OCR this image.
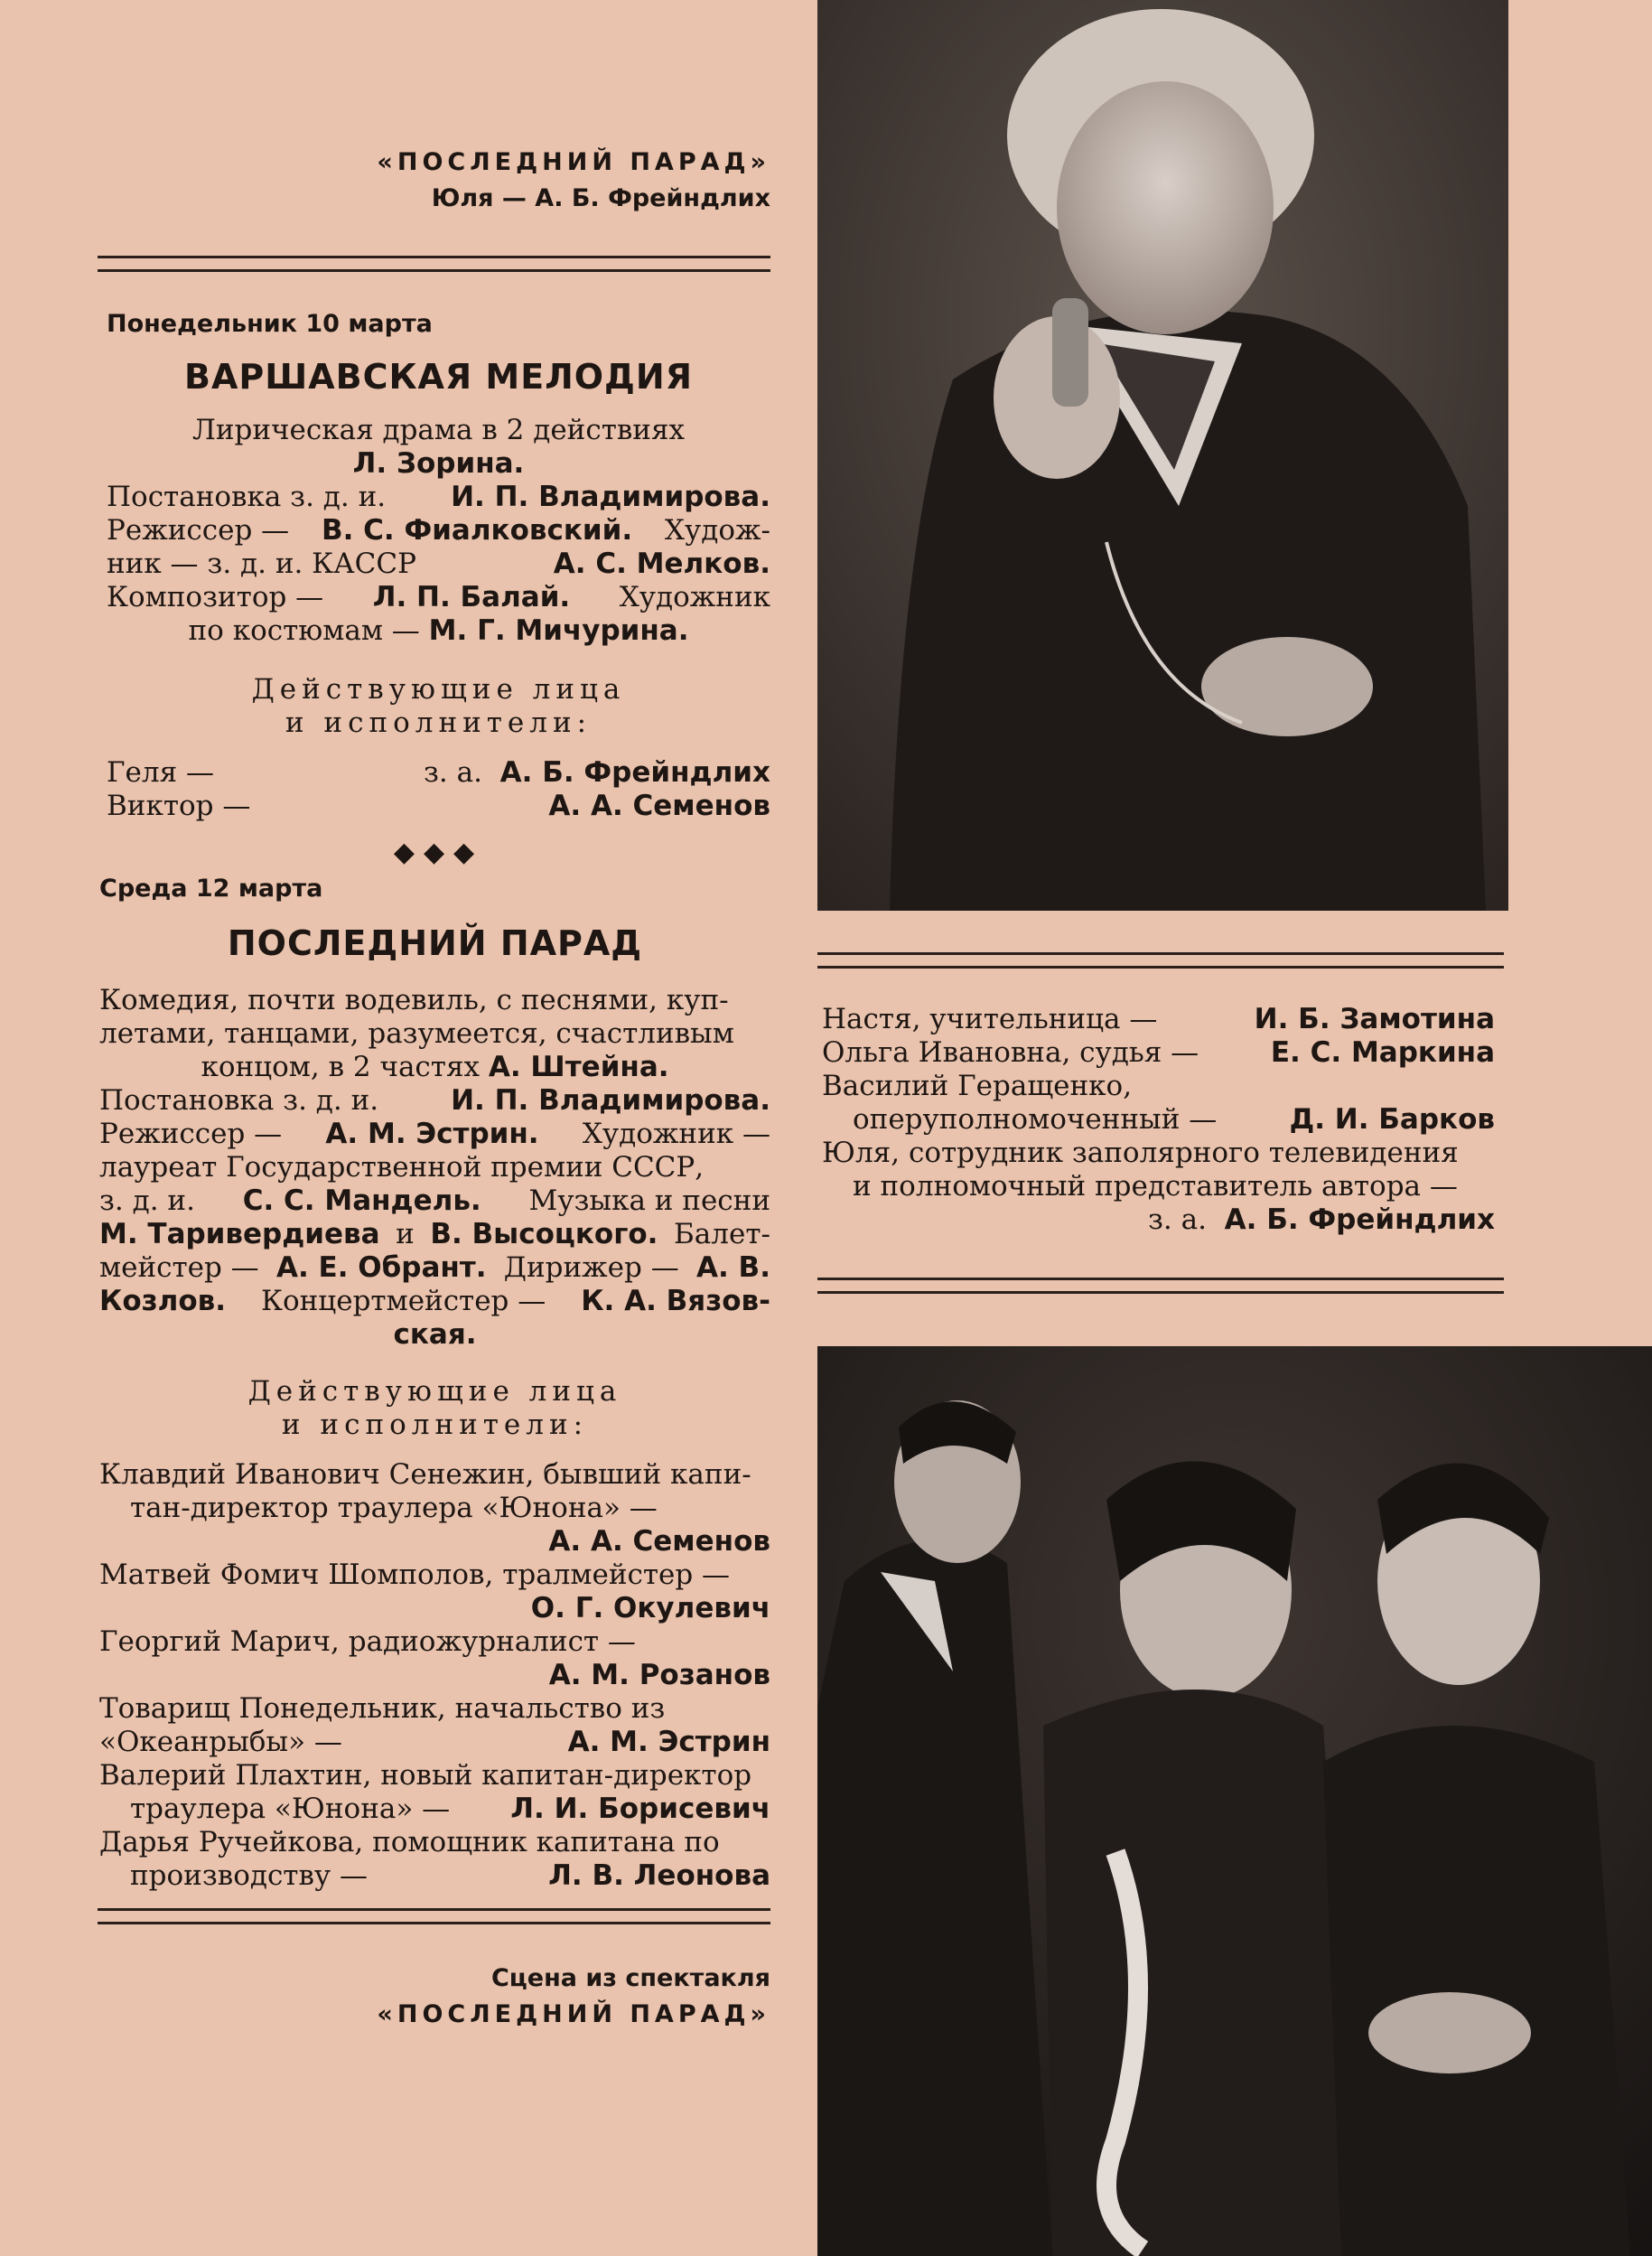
«ПОСЛЕДНИЙ ПАРАД»
Юля — А. Б. Фрейндлих
Понедельник 10 марта
ВАРШАВСКАЯ МЕЛОДИЯ
Лирическая драма в 2 действиях
Л. Зорина.
Постановка з. д. и. И. П. Владимирова.
Режиссер — В. С. Фиалковский. Худож-
ник — з. д. и. КАССР	А. С. Мелков.
Композитор — Л. П. Балай. Художник
по костюмам — М. Г. Мичурина.
Действующие лица
и исполнители:
Геля —	з. а. А. Б. Фрейндлих
Виктор —	А. А. Семенов
◆◆◆
Среда 12 марта
ПОСЛЕДНИЙ ПАРАД
Комедия, почти водевиль, с песнями, куп-
летами, танцами, разумеется, счастливым
концом, в 2 частях А. Штейна.
Постановка з. д. и.	И. П. Владимирова.
Режиссер — А. М. Эстрин. Художник —
лауреат Государственной премии СССР,
з. д. и. С. С. Мандель. Музыка и песни
М. Таривердиева и В. Высоцкого. Балет-
мейстер — А. Е. Обрант. Дирижер — А. В.
Козлов. Концертмейстер — К. А. Вязов-
ская.
Действующие лица
и исполнители:
Клавдий Иванович Сенежин, бывший капи-
тан-директор траулера «Юнона» —
А. А. Семенов
Матвей Фомич Шомполов, тралмейстер —
О. Г. Окулевич
Георгий Марич, радиожурналист —
А. М. Розанов
Товарищ Понедельник, начальство из
«Океанрыбы» —	А. М. Эстрин
Валерий Плахтин, новый капитан-директор
траулера «Юнона» — Л. И. Борисевич
Дарья Ручейкова, помощник капитана по
производству —	Л. В. Леонова
Сцена из спектакля
«ПОСЛЕДНИЙ ПАРАД»
Настя, учительница —	И. Б. Замотина
Ольга Ивановна, судья —	Е. С. Маркина
Василий Геращенко,
оперуполномоченный —	Д. И. Барков
Юля, сотрудник заполярного телевидения
и полномочный представитель автора —
з. а. А. Б. Фрейндлих
